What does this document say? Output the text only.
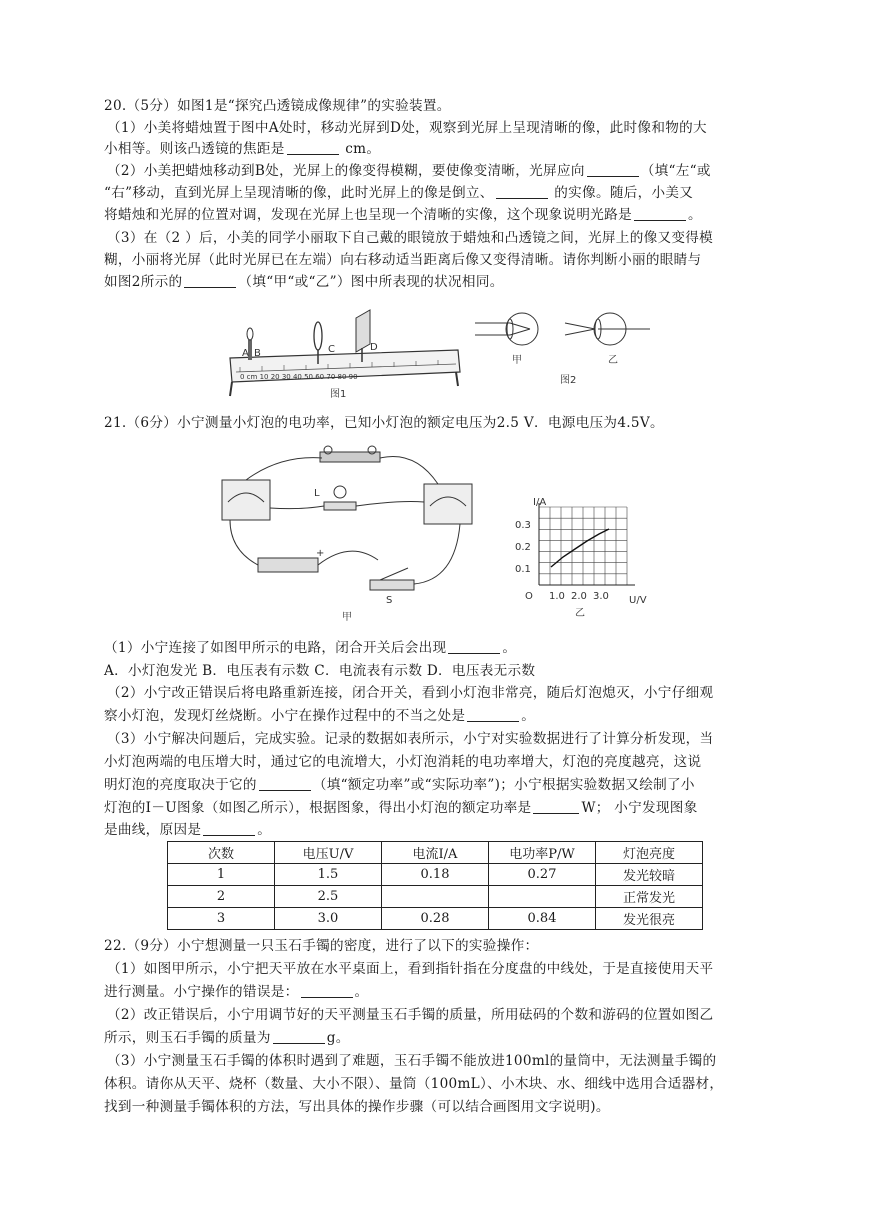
20.（5分）如图1是“探究凸透镜成像规律”的实验装置。
（1）小美将蜡烛置于图中A处时，移动光屏到D处，观察到光屏上呈现清晰的像，此时像和物的大
小相等。则该凸透镜的焦距是	cm。
（2）小美把蜡烛移动到B处，光屏上的像变得模糊，要使像变清晰，光屏应向	（填“左“或
“右”移动，直到光屏上呈现清晰的像，此时光屏上的像是倒立、	的实像。随后，小美又
将蜡烛和光屏的位置对调，发现在光屏上也呈现一个清晰的实像，这个现象说明光路是	。
（3）在（2 ）后，小美的同学小丽取下自己戴的眼镜放于蜡烛和凸透镜之间，光屏上的像又变得模
糊，小丽将光屏（此时光屏已在左端）向右移动适当距离后像又变得清晰。请你判断小丽的眼睛与
如图2所示的	（填“甲“或“乙”）图中所表现的状况相同。
0 cm 10 20 30 40 50 60 70 80 90
A B	C	D
图1
甲	乙
图2
21.（6分）小宁测量小灯泡的电功率，已知小灯泡的额定电压为2.5 V．电源电压为4.5V。
L
+
S
甲
I/A
U/V
O
0.3
0.2
0.1
1.0 2.0 3.0
乙
（1）小宁连接了如图甲所示的电路，闭合开关后会出现	。
A．小灯泡发光 B．电压表有示数 C．电流表有示数 D．电压表无示数
（2）小宁改正错误后将电路重新连接，闭合开关，看到小灯泡非常亮，随后灯泡熄灭，小宁仔细观
察小灯泡，发现灯丝烧断。小宁在操作过程中的不当之处是	。
（3）小宁解决问题后，完成实验。记录的数据如表所示，小宁对实验数据进行了计算分析发现，当
小灯泡两端的电压增大时，通过它的电流增大，小灯泡消耗的电功率增大，灯泡的亮度越亮，这说
明灯泡的亮度取决于它的	（填“额定功率”或“实际功率”)；小宁根据实验数据又绘制了小
灯泡的I－U图象（如图乙所示），根据图象，得出小灯泡的额定功率是	W； 小宁发现图象
是曲线，原因是	。
次数	电压U/V	电流I/A	电功率P/W	灯泡亮度
1	1.5	0.18	0.27	发光较暗
2	2.5			正常发光
3	3.0	0.28	0.84	发光很亮
22.（9分）小宁想测量一只玉石手镯的密度，进行了以下的实验操作：
（1）如图甲所示，小宁把天平放在水平桌面上，看到指针指在分度盘的中线处，于是直接使用天平
进行测量。小宁操作的错误是：	。
（2）改正错误后，小宁用调节好的天平测量玉石手镯的质量，所用砝码的个数和游码的位置如图乙
所示，则玉石手镯的质量为	g。
（3）小宁测量玉石手镯的体积时遇到了难题，玉石手镯不能放进100ml的量筒中，无法测量手镯的
体积。请你从天平、烧杯（数量、大小不限）、量筒（100mL）、小木块、水、细线中选用合适器材，
找到一种测量手镯体积的方法，写出具体的操作步骤（可以结合画图用文字说明)。
